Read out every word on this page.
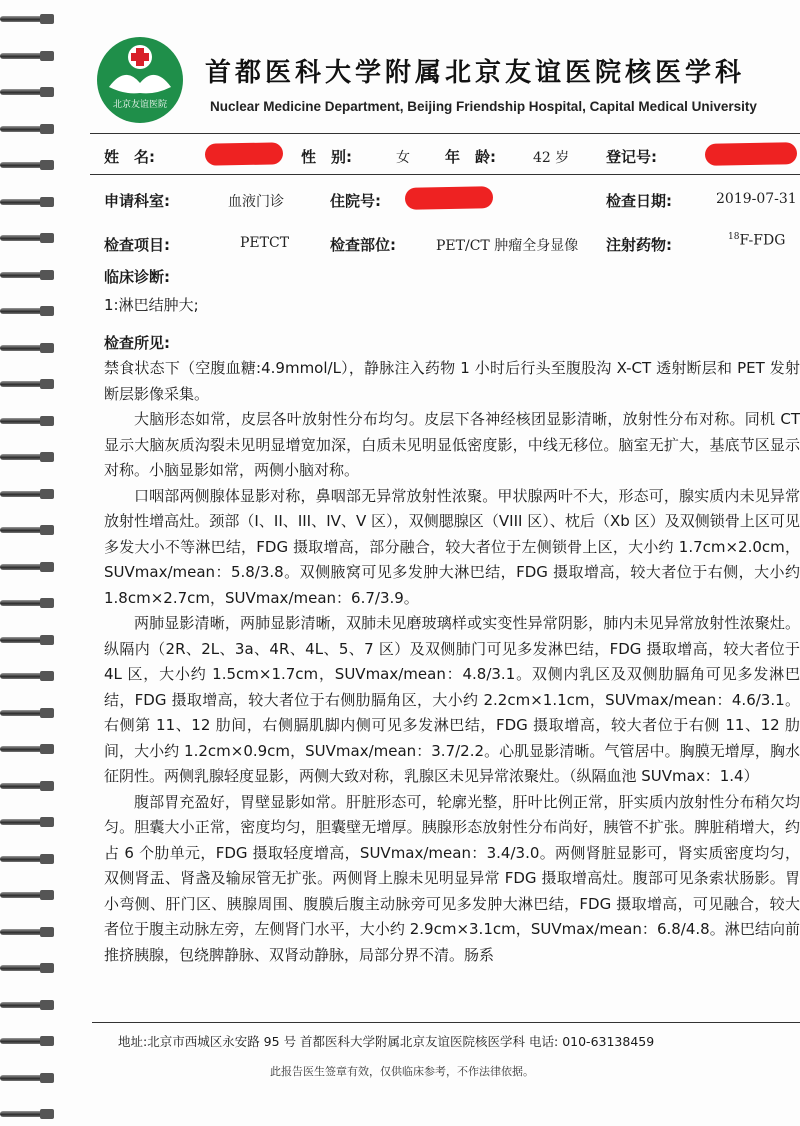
北京友谊医院
首都医科大学附属北京友谊医院核医学科
Nuclear Medicine Department, Beijing Friendship Hospital, Capital Medical University
姓　名:	性　别:	女 年　龄:	42 岁 登记号:
申请科室:	血液门诊	住院号:	检查日期:	2019-07-31
检查项目:	PETCT	检查部位:	PET/CT 肿瘤全身显像 注射药物:	$^{18}$F-FDG
临床诊断:
1:淋巴结肿大;
检查所见:

禁食状态下（空腹血糖:4.9mmol/L），静脉注入药物 1 小时后行头至腹股沟 X-CT 透射断层和 PET 发射断层影像采集。

大脑形态如常，皮层各叶放射性分布均匀。皮层下各神经核团显影清晰，放射性分布对称。同机 CT 显示大脑灰质沟裂未见明显增宽加深，白质未见明显低密度影，中线无移位。脑室无扩大，基底节区显示对称。小脑显影如常，两侧小脑对称。

口咽部两侧腺体显影对称，鼻咽部无异常放射性浓聚。甲状腺两叶不大，形态可，腺实质内未见异常放射性增高灶。颈部（I、II、III、IV、V 区），双侧腮腺区（VIII 区）、枕后（Xb 区）及双侧锁骨上区可见多发大小不等淋巴结，FDG 摄取增高，部分融合，较大者位于左侧锁骨上区，大小约 1.7cm×2.0cm，SUVmax/mean：5.8/3.8。双侧腋窝可见多发肿大淋巴结，FDG 摄取增高，较大者位于右侧，大小约 1.8cm×2.7cm，SUVmax/mean：6.7/3.9。

两肺显影清晰，两肺显影清晰，双肺未见磨玻璃样或实变性异常阴影，肺内未见异常放射性浓聚灶。纵隔内（2R、2L、3a、4R、4L、5、7 区）及双侧肺门可见多发淋巴结，FDG 摄取增高，较大者位于 4L 区，大小约 1.5cm×1.7cm，SUVmax/mean：4.8/3.1。双侧内乳区及双侧肋膈角可见多发淋巴结，FDG 摄取增高，较大者位于右侧肋膈角区，大小约 2.2cm×1.1cm，SUVmax/mean：4.6/3.1。右侧第 11、12 肋间，右侧膈肌脚内侧可见多发淋巴结，FDG 摄取增高，较大者位于右侧 11、12 肋间，大小约 1.2cm×0.9cm，SUVmax/mean：3.7/2.2。心肌显影清晰。气管居中。胸膜无增厚，胸水征阴性。两侧乳腺轻度显影，两侧大致对称，乳腺区未见异常浓聚灶。（纵隔血池 SUVmax：1.4）

腹部胃充盈好，胃壁显影如常。肝脏形态可，轮廓光整，肝叶比例正常，肝实质内放射性分布稍欠均匀。胆囊大小正常，密度均匀，胆囊壁无增厚。胰腺形态放射性分布尚好，胰管不扩张。脾脏稍增大，约占 6 个肋单元，FDG 摄取轻度增高，SUVmax/mean：3.4/3.0。两侧肾脏显影可，肾实质密度均匀，双侧肾盂、肾盏及输尿管无扩张。两侧肾上腺未见明显异常 FDG 摄取增高灶。腹部可见条索状肠影。胃小弯侧、肝门区、胰腺周围、腹膜后腹主动脉旁可见多发肿大淋巴结，FDG 摄取增高，可见融合，较大者位于腹主动脉左旁，左侧肾门水平，大小约 2.9cm×3.1cm，SUVmax/mean：6.8/4.8。淋巴结向前推挤胰腺，包绕脾静脉、双肾动静脉，局部分界不清。肠系

地址:北京市西城区永安路 95 号 首都医科大学附属北京友谊医院核医学科 电话: 010-63138459
此报告医生签章有效，仅供临床参考，不作法律依据。
